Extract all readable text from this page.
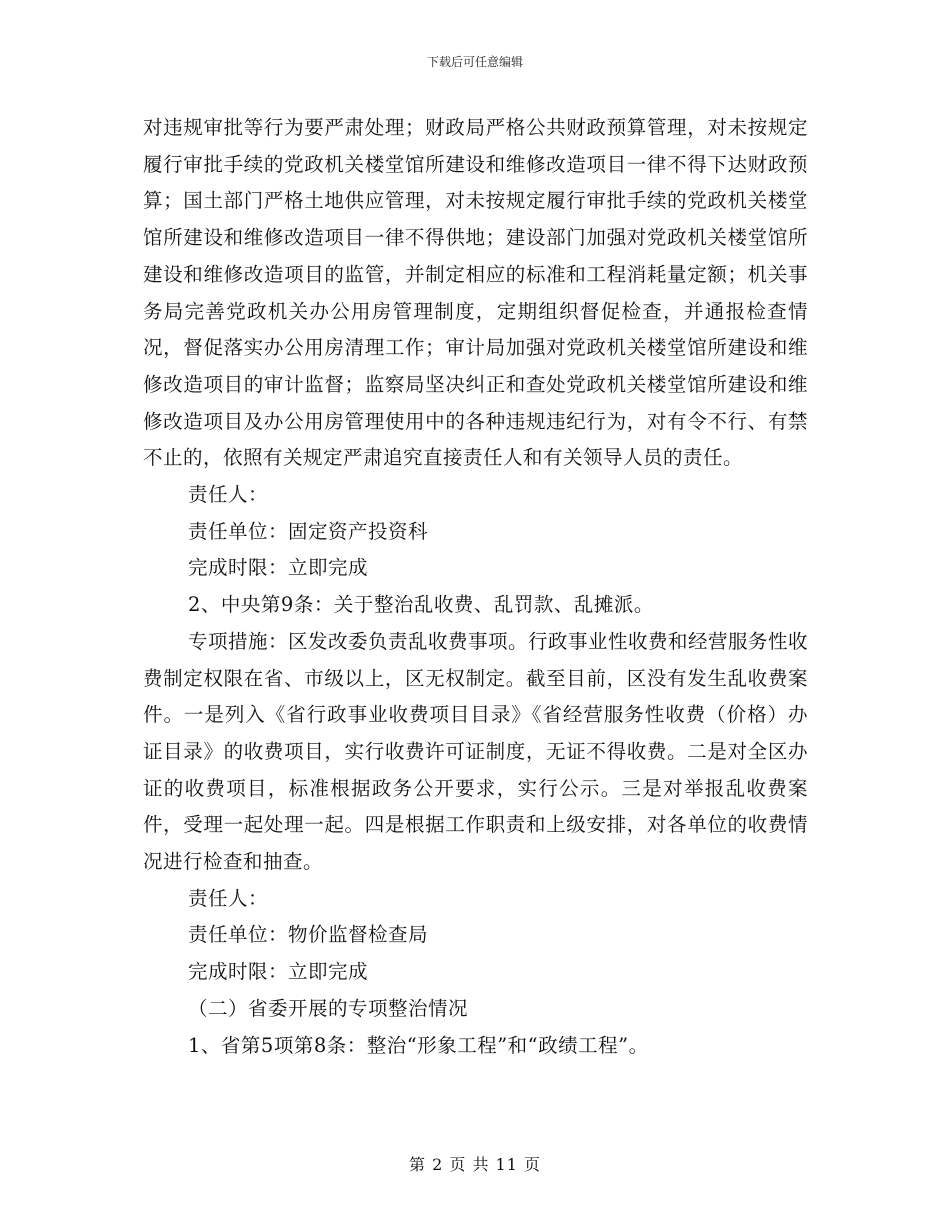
下载后可任意编辑

对违规审批等行为要严肃处理；财政局严格公共财政预算管理，对未按规定履行审批手续的党政机关楼堂馆所建设和维修改造项目一律不得下达财政预算；国土部门严格土地供应管理，对未按规定履行审批手续的党政机关楼堂馆所建设和维修改造项目一律不得供地；建设部门加强对党政机关楼堂馆所建设和维修改造项目的监管，并制定相应的标准和工程消耗量定额；机关事务局完善党政机关办公用房管理制度，定期组织督促检查，并通报检查情况，督促落实办公用房清理工作；审计局加强对党政机关楼堂馆所建设和维修改造项目的审计监督；监察局坚决纠正和查处党政机关楼堂馆所建设和维修改造项目及办公用房管理使用中的各种违规违纪行为，对有令不行、有禁不止的，依照有关规定严肃追究直接责任人和有关领导人员的责任。

责任人：

责任单位：固定资产投资科

完成时限：立即完成

2、中央第9条：关于整治乱收费、乱罚款、乱摊派。

专项措施：区发改委负责乱收费事项。行政事业性收费和经营服务性收费制定权限在省、市级以上，区无权制定。截至目前，区没有发生乱收费案件。一是列入《省行政事业收费项目目录》《省经营服务性收费（价格）办证目录》的收费项目，实行收费许可证制度，无证不得收费。二是对全区办证的收费项目，标准根据政务公开要求，实行公示。三是对举报乱收费案件，受理一起处理一起。四是根据工作职责和上级安排，对各单位的收费情况进行检查和抽查。

责任人：

责任单位：物价监督检查局

完成时限：立即完成

（二）省委开展的专项整治情况

1、省第5项第8条：整治“形象工程”和“政绩工程”。

第 2 页 共 11 页
